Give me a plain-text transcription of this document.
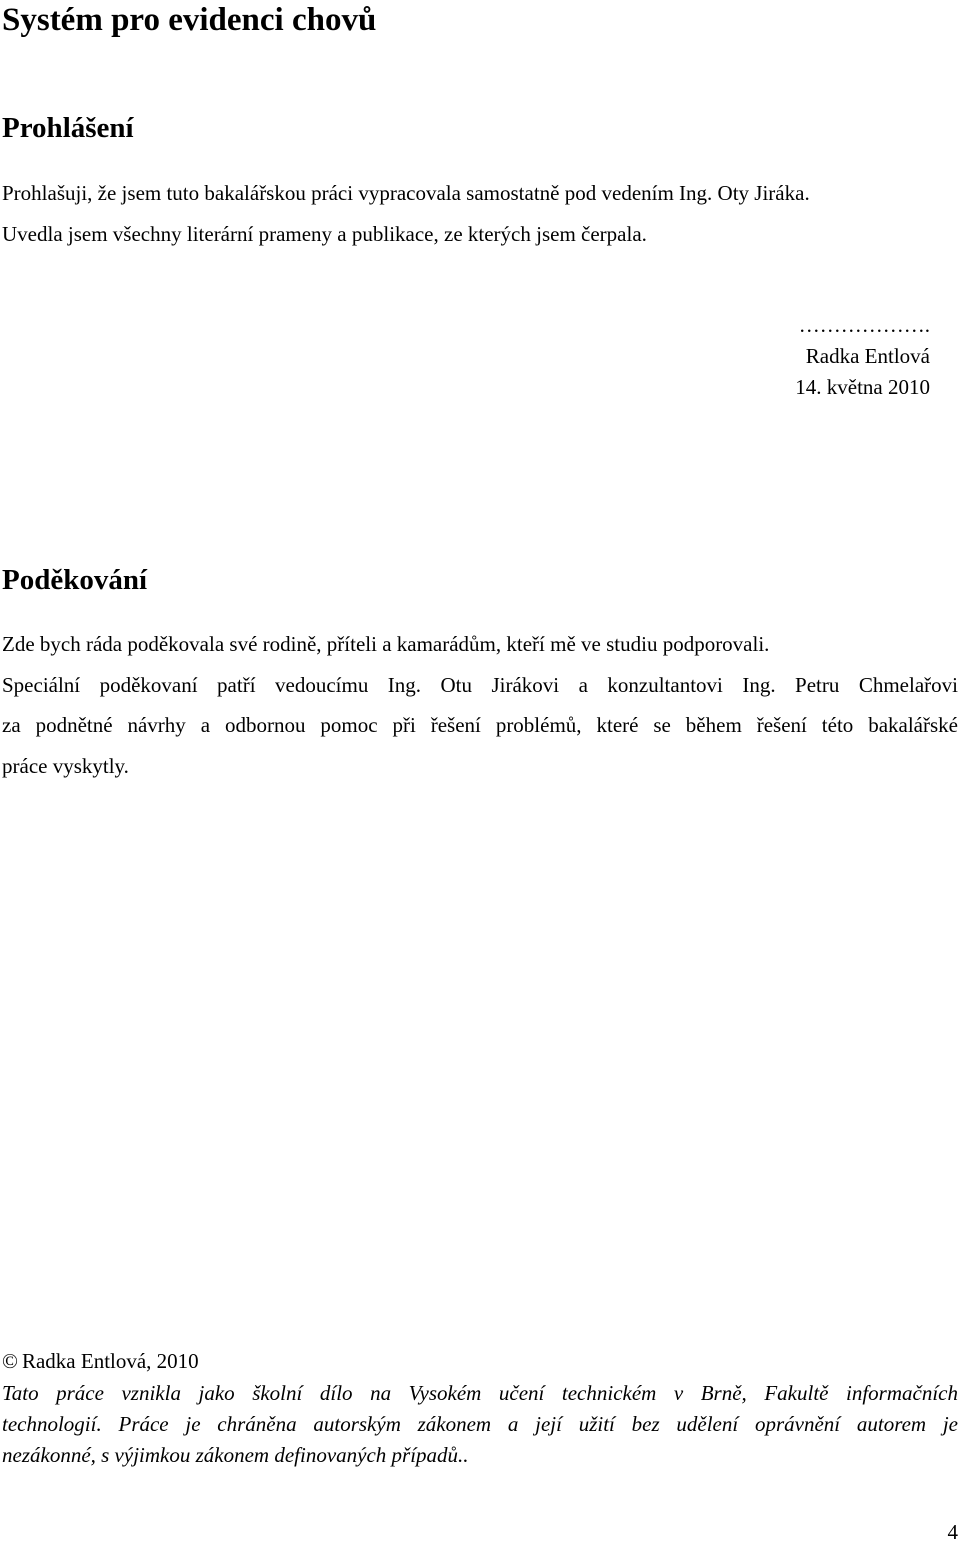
Systém pro evidenci chovů
Prohlášení

Prohlašuji, že jsem tuto bakalářskou práci vypracovala samostatně pod vedením Ing. Oty Jiráka.

Uvedla jsem všechny literární prameny a publikace, ze kterých jsem čerpala.

……………….

Radka Entlová

14. května 2010

Poděkování

Zde bych ráda poděkovala své rodině, příteli a kamarádům, kteří mě ve studiu podporovali.

Speciální poděkovaní patří vedoucímu Ing. Otu Jirákovi a konzultantovi Ing. Petru Chmelařovi

za podnětné návrhy a odbornou pomoc při řešení problémů, které se během řešení této bakalářské

práce vyskytly.

© Radka Entlová, 2010

Tato práce vznikla jako školní dílo na Vysokém učení technickém v Brně, Fakultě informačních

technologií. Práce je chráněna autorským zákonem a její užití bez udělení oprávnění autorem je

nezákonné, s výjimkou zákonem definovaných případů..

4
